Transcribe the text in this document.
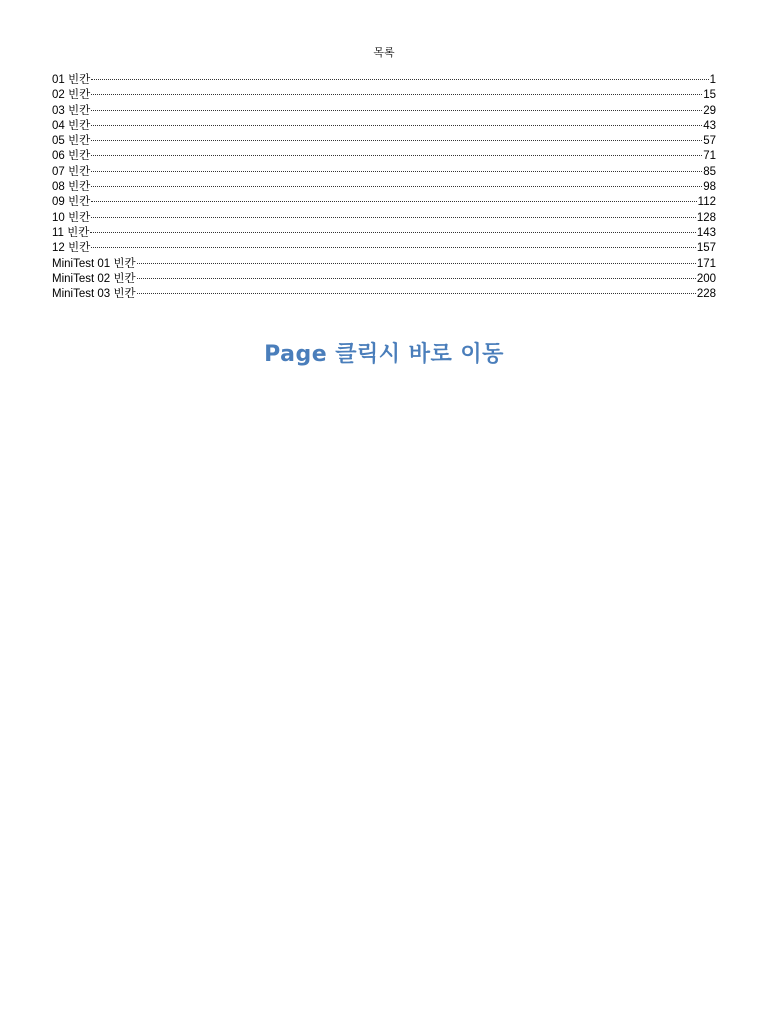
목록
01 빈칸	1
02 빈칸	15
03 빈칸	29
04 빈칸	43
05 빈칸	57
06 빈칸	71
07 빈칸	85
08 빈칸	98
09 빈칸	112
10 빈칸	128
11 빈칸	143
12 빈칸	157
MiniTest 01 빈칸	171
MiniTest 02 빈칸	200
MiniTest 03 빈칸	228
Page 클릭시 바로 이동
